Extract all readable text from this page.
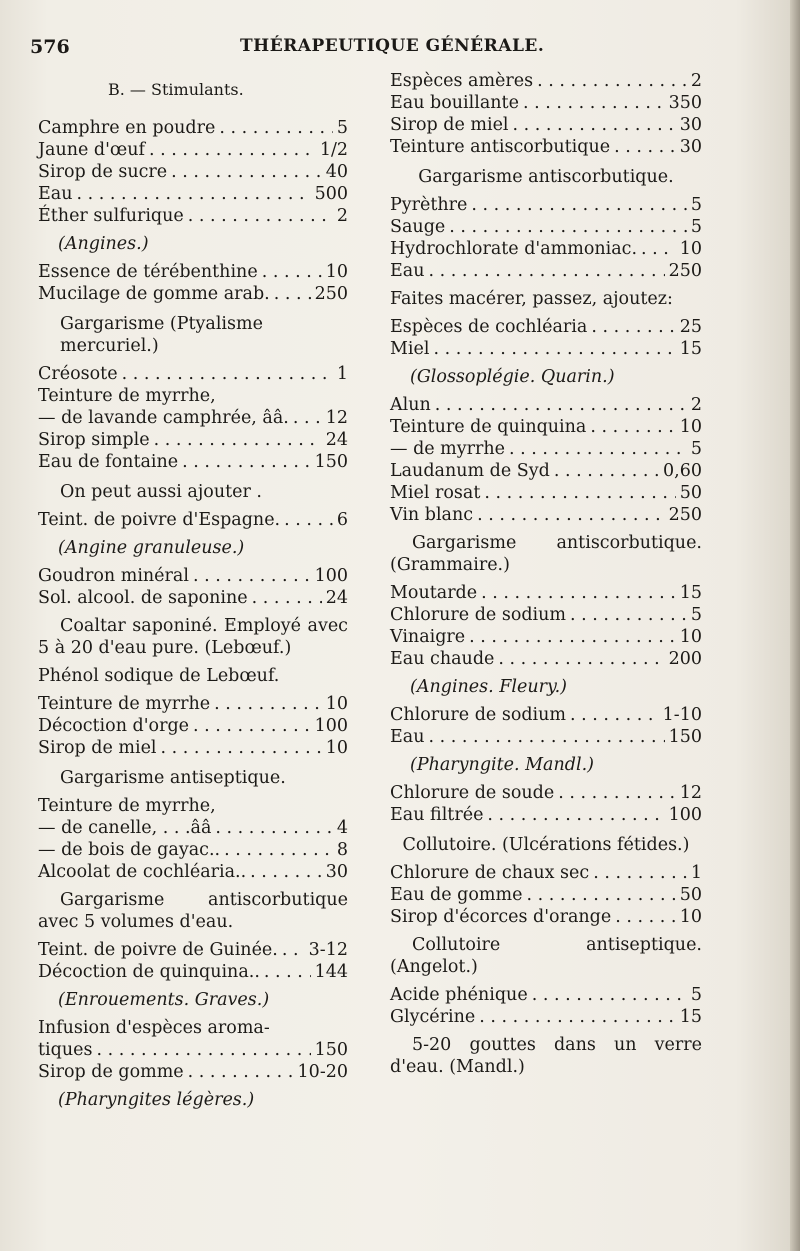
576	THÉRAPEUTIQUE GÉNÉRALE.
B. — Stimulants.
Camphre en poudre . . .	5
Jaune d'œuf . . .	1/2
Sirop de sucre . . .	40
Eau . . .	500
Éther sulfurique . . .	2
(Angines.)
Essence de térébenthine . . .	10
Mucilage de gomme arab. . . .	250
Gargarisme (Ptyalisme mercuriel.)
Créosote . . .	1
Teinture de myrrhe,
— de lavande camphrée, ââ. . . . 12
Sirop simple . . .	24
Eau de fontaine . . .	150
On peut aussi ajouter .
Teint. de poivre d'Espagne. . . .	6
(Angine granuleuse.)
Goudron minéral . . .	100
Sol. alcool. de saponine . . .	24
Coaltar saponiné. Employé avec 5 à 20 d'eau pure. (Lebœuf.)
Phénol sodique de Lebœuf.
Teinture de myrrhe . . .	10
Décoction d'orge . . .	100
Sirop de miel . . .	10
Gargarisme antiseptique.
Teinture de myrrhe,
— de canelle, . . .ââ . . .	4
— de bois de gayac.. . . .	8
Alcoolat de cochléaria.. . . .	30
Gargarisme antiscorbutique avec 5 volumes d'eau.
Teint. de poivre de Guinée. . . . 3-12
Décoction de quinquina.. . . .	144
(Enrouements. Graves.)
Infusion d'espèces aroma-
tiques . . .	150
Sirop de gomme . . .	10-20
(Pharyngites légères.)
Espèces amères . . .	2
Eau bouillante . . .	350
Sirop de miel . . .	30
Teinture antiscorbutique . . .	30
Gargarisme antiscorbutique.
Pyrèthre . . .	5
Sauge . . .	5
Hydrochlorate d'ammoniac. . . . 10
Eau . . .	250
Faites macérer, passez, ajoutez:
Espèces de cochléaria . . .	25
Miel . . .	15
(Glossoplégie. Quarin.)
Alun . . .	2
Teinture de quinquina . . .	10
— de myrrhe . . .	5
Laudanum de Syd . . .	0,60
Miel rosat . . .	50
Vin blanc . . .	250
Gargarisme antiscorbutique. (Grammaire.)
Moutarde . . .	15
Chlorure de sodium . . .	5
Vinaigre . . .	10
Eau chaude . . .	200
(Angines. Fleury.)
Chlorure de sodium . . .	1-10
Eau . . .	150
(Pharyngite. Mandl.)
Chlorure de soude . . .	12
Eau filtrée . . .	100
Collutoire. (Ulcérations fétides.)
Chlorure de chaux sec . . .	1
Eau de gomme . . .	50
Sirop d'écorces d'orange . . .	10
Collutoire antiseptique. (Angelot.)
Acide phénique . . .	5
Glycérine . . .	15
5-20 gouttes dans un verre d'eau. (Mandl.)
